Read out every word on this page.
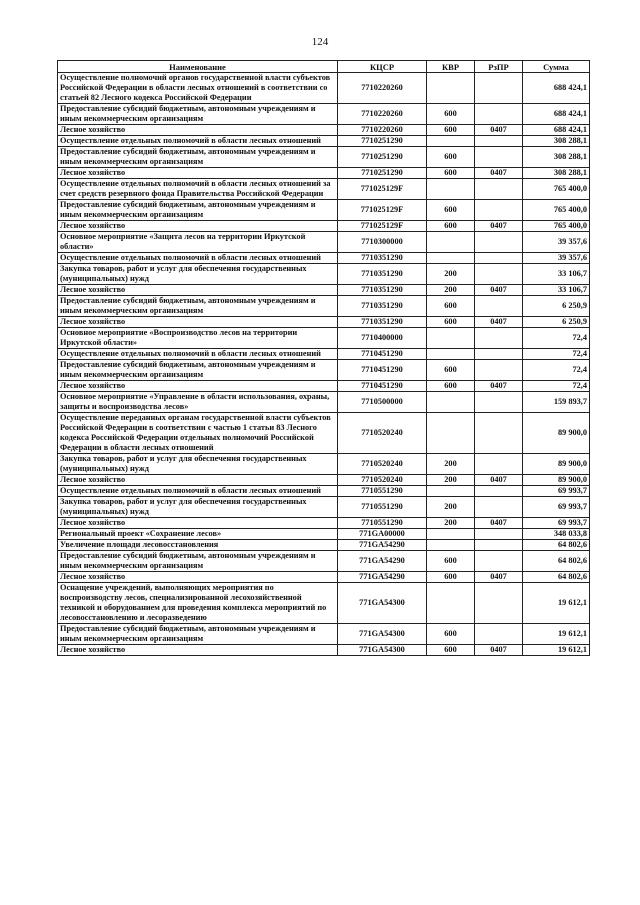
124
Наименование	КЦСР	КВР	РзПР	Сумма
Осуществление полномочий органов государственной власти субъектов Российской Федерации в области лесных отношений в соответствии со статьей 82 Лесного кодекса Российской Федерации	7710220260			688 424,1
Предоставление субсидий бюджетным, автономным учреждениям и иным некоммерческим организациям	7710220260	600		688 424,1
Лесное хозяйство	7710220260	600	0407	688 424,1
Осуществление отдельных полномочий в области лесных отношений	7710251290			308 288,1
Предоставление субсидий бюджетным, автономным учреждениям и иным некоммерческим организациям	7710251290	600		308 288,1
Лесное хозяйство	7710251290	600	0407	308 288,1
Осуществление отдельных полномочий в области лесных отношений за счет средств резервного фонда Правительства Российской Федерации	771025129F			765 400,0
Предоставление субсидий бюджетным, автономным учреждениям и иным некоммерческим организациям	771025129F	600		765 400,0
Лесное хозяйство	771025129F	600	0407	765 400,0
Основное мероприятие «Защита лесов на территории Иркутской области»	7710300000			39 357,6
Осуществление отдельных полномочий в области лесных отношений	7710351290			39 357,6
Закупка товаров, работ и услуг для обеспечения государственных (муниципальных) нужд	7710351290	200		33 106,7
Лесное хозяйство	7710351290	200	0407	33 106,7
Предоставление субсидий бюджетным, автономным учреждениям и иным некоммерческим организациям	7710351290	600		6 250,9
Лесное хозяйство	7710351290	600	0407	6 250,9
Основное мероприятие «Воспроизводство лесов на территории Иркутской области»	7710400000			72,4
Осуществление отдельных полномочий в области лесных отношений	7710451290			72,4
Предоставление субсидий бюджетным, автономным учреждениям и иным некоммерческим организациям	7710451290	600		72,4
Лесное хозяйство	7710451290	600	0407	72,4
Основное мероприятие «Управление в области использования, охраны, защиты и воспроизводства лесов»	7710500000			159 893,7
Осуществление переданных органам государственной власти субъектов Российской Федерации в соответствии с частью 1 статьи 83 Лесного кодекса Российской Федерации отдельных полномочий Российской Федерации в области лесных отношений	7710520240			89 900,0
Закупка товаров, работ и услуг для обеспечения государственных (муниципальных) нужд	7710520240	200		89 900,0
Лесное хозяйство	7710520240	200	0407	89 900,0
Осуществление отдельных полномочий в области лесных отношений	7710551290			69 993,7
Закупка товаров, работ и услуг для обеспечения государственных (муниципальных) нужд	7710551290	200		69 993,7
Лесное хозяйство	7710551290	200	0407	69 993,7
Региональный проект «Сохранение лесов»	771GA00000			348 033,8
Увеличение площади лесовосстановления	771GA54290			64 802,6
Предоставление субсидий бюджетным, автономным учреждениям и иным некоммерческим организациям	771GA54290	600		64 802,6
Лесное хозяйство	771GA54290	600	0407	64 802,6
Оснащение учреждений, выполняющих мероприятия по воспроизводству лесов, специализированной лесохозяйственной техникой и оборудованием для проведения комплекса мероприятий по лесовосстановлению и лесоразведению	771GA54300			19 612,1
Предоставление субсидий бюджетным, автономным учреждениям и иным некоммерческим организациям	771GA54300	600		19 612,1
Лесное хозяйство	771GA54300	600	0407	19 612,1
